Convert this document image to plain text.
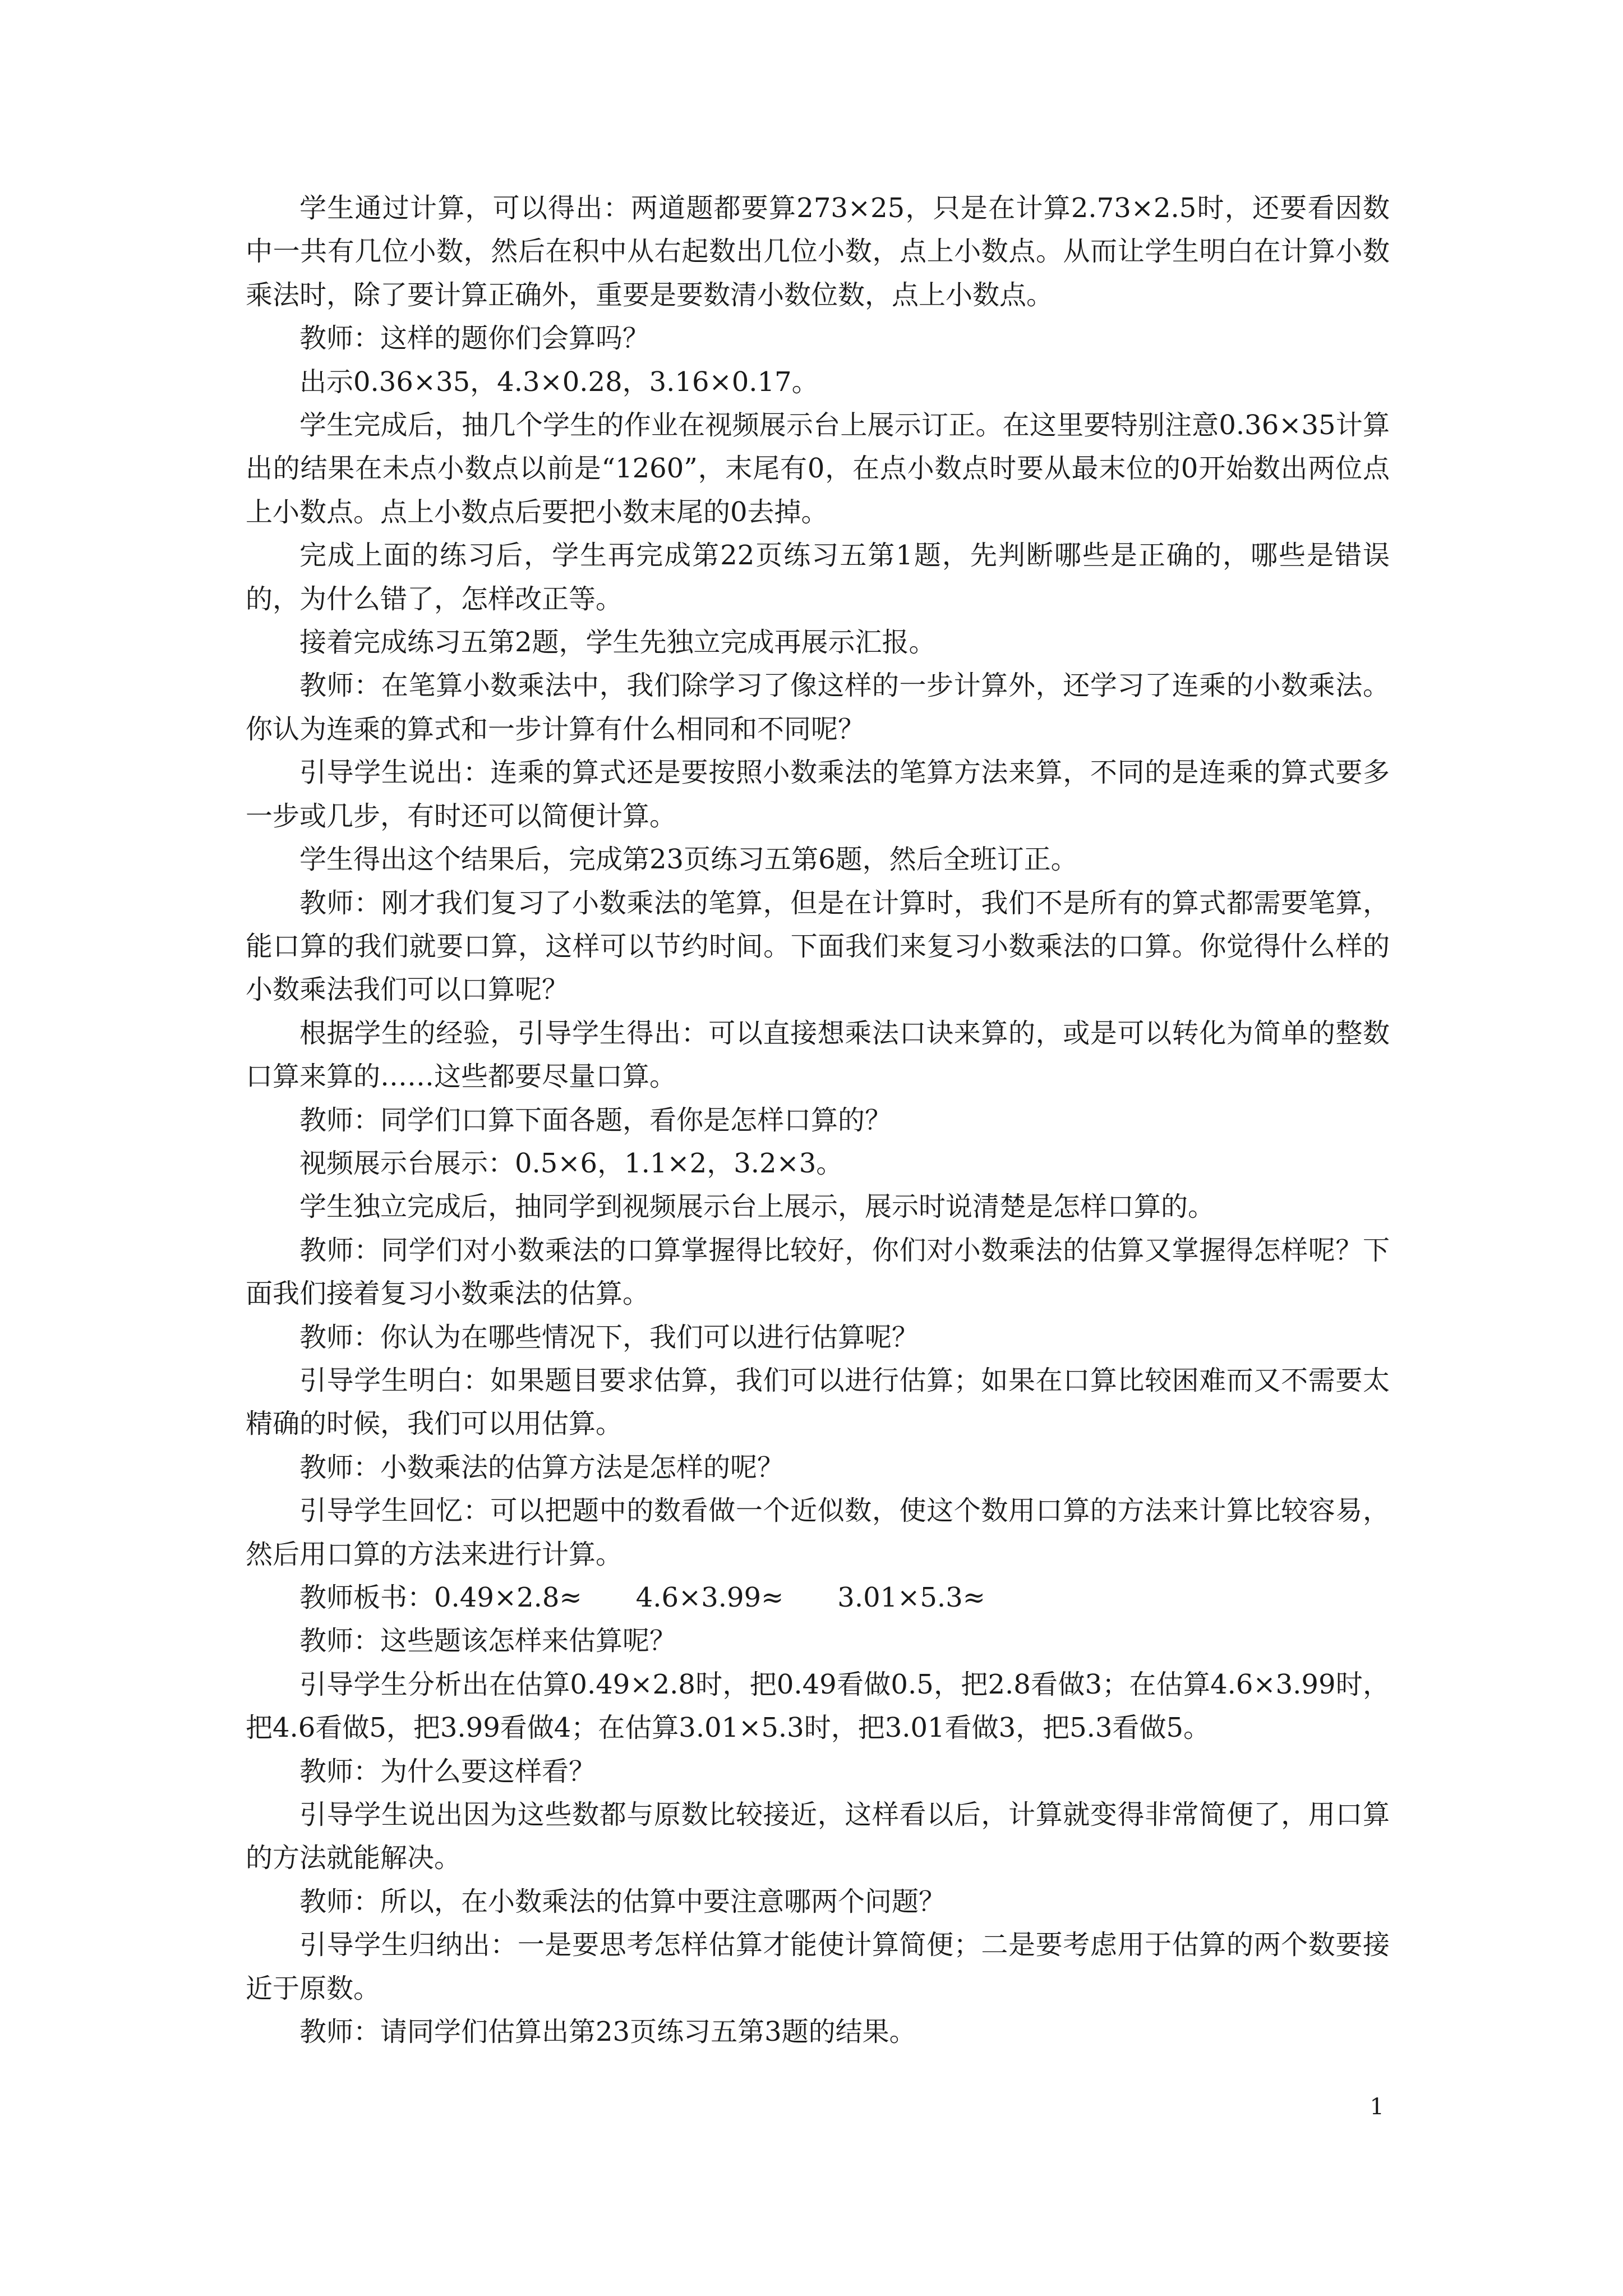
学生通过计算，可以得出：两道题都要算273×25，只是在计算2.73×2.5时，还要看因数中一共有几位小数，然后在积中从右起数出几位小数，点上小数点。从而让学生明白在计算小数乘法时，除了要计算正确外，重要是要数清小数位数，点上小数点。

教师：这样的题你们会算吗？

出示0.36×35，4.3×0.28，3.16×0.17。

学生完成后，抽几个学生的作业在视频展示台上展示订正。在这里要特别注意0.36×35计算出的结果在未点小数点以前是“1260”，末尾有0，在点小数点时要从最末位的0开始数出两位点上小数点。点上小数点后要把小数末尾的0去掉。

完成上面的练习后，学生再完成第22页练习五第1题，先判断哪些是正确的，哪些是错误的，为什么错了，怎样改正等。

接着完成练习五第2题，学生先独立完成再展示汇报。

教师：在笔算小数乘法中，我们除学习了像这样的一步计算外，还学习了连乘的小数乘法。你认为连乘的算式和一步计算有什么相同和不同呢？

引导学生说出：连乘的算式还是要按照小数乘法的笔算方法来算，不同的是连乘的算式要多一步或几步，有时还可以简便计算。

学生得出这个结果后，完成第23页练习五第6题，然后全班订正。

教师：刚才我们复习了小数乘法的笔算，但是在计算时，我们不是所有的算式都需要笔算，能口算的我们就要口算，这样可以节约时间。下面我们来复习小数乘法的口算。你觉得什么样的小数乘法我们可以口算呢？

根据学生的经验，引导学生得出：可以直接想乘法口诀来算的，或是可以转化为简单的整数口算来算的……这些都要尽量口算。

教师：同学们口算下面各题，看你是怎样口算的？

视频展示台展示：0.5×6，1.1×2，3.2×3。

学生独立完成后，抽同学到视频展示台上展示，展示时说清楚是怎样口算的。

教师：同学们对小数乘法的口算掌握得比较好，你们对小数乘法的估算又掌握得怎样呢？下面我们接着复习小数乘法的估算。

教师：你认为在哪些情况下，我们可以进行估算呢？

引导学生明白：如果题目要求估算，我们可以进行估算；如果在口算比较困难而又不需要太精确的时候，我们可以用估算。

教师：小数乘法的估算方法是怎样的呢？

引导学生回忆：可以把题中的数看做一个近似数，使这个数用口算的方法来计算比较容易，然后用口算的方法来进行计算。

教师板书：0.49×2.8≈　　4.6×3.99≈　　3.01×5.3≈

教师：这些题该怎样来估算呢？

引导学生分析出在估算0.49×2.8时，把0.49看做0.5，把2.8看做3；在估算4.6×3.99时，把4.6看做5，把3.99看做4；在估算3.01×5.3时，把3.01看做3，把5.3看做5。

教师：为什么要这样看？

引导学生说出因为这些数都与原数比较接近，这样看以后，计算就变得非常简便了，用口算的方法就能解决。

教师：所以，在小数乘法的估算中要注意哪两个问题？

引导学生归纳出：一是要思考怎样估算才能使计算简便；二是要考虑用于估算的两个数要接近于原数。

教师：请同学们估算出第23页练习五第3题的结果。

1
